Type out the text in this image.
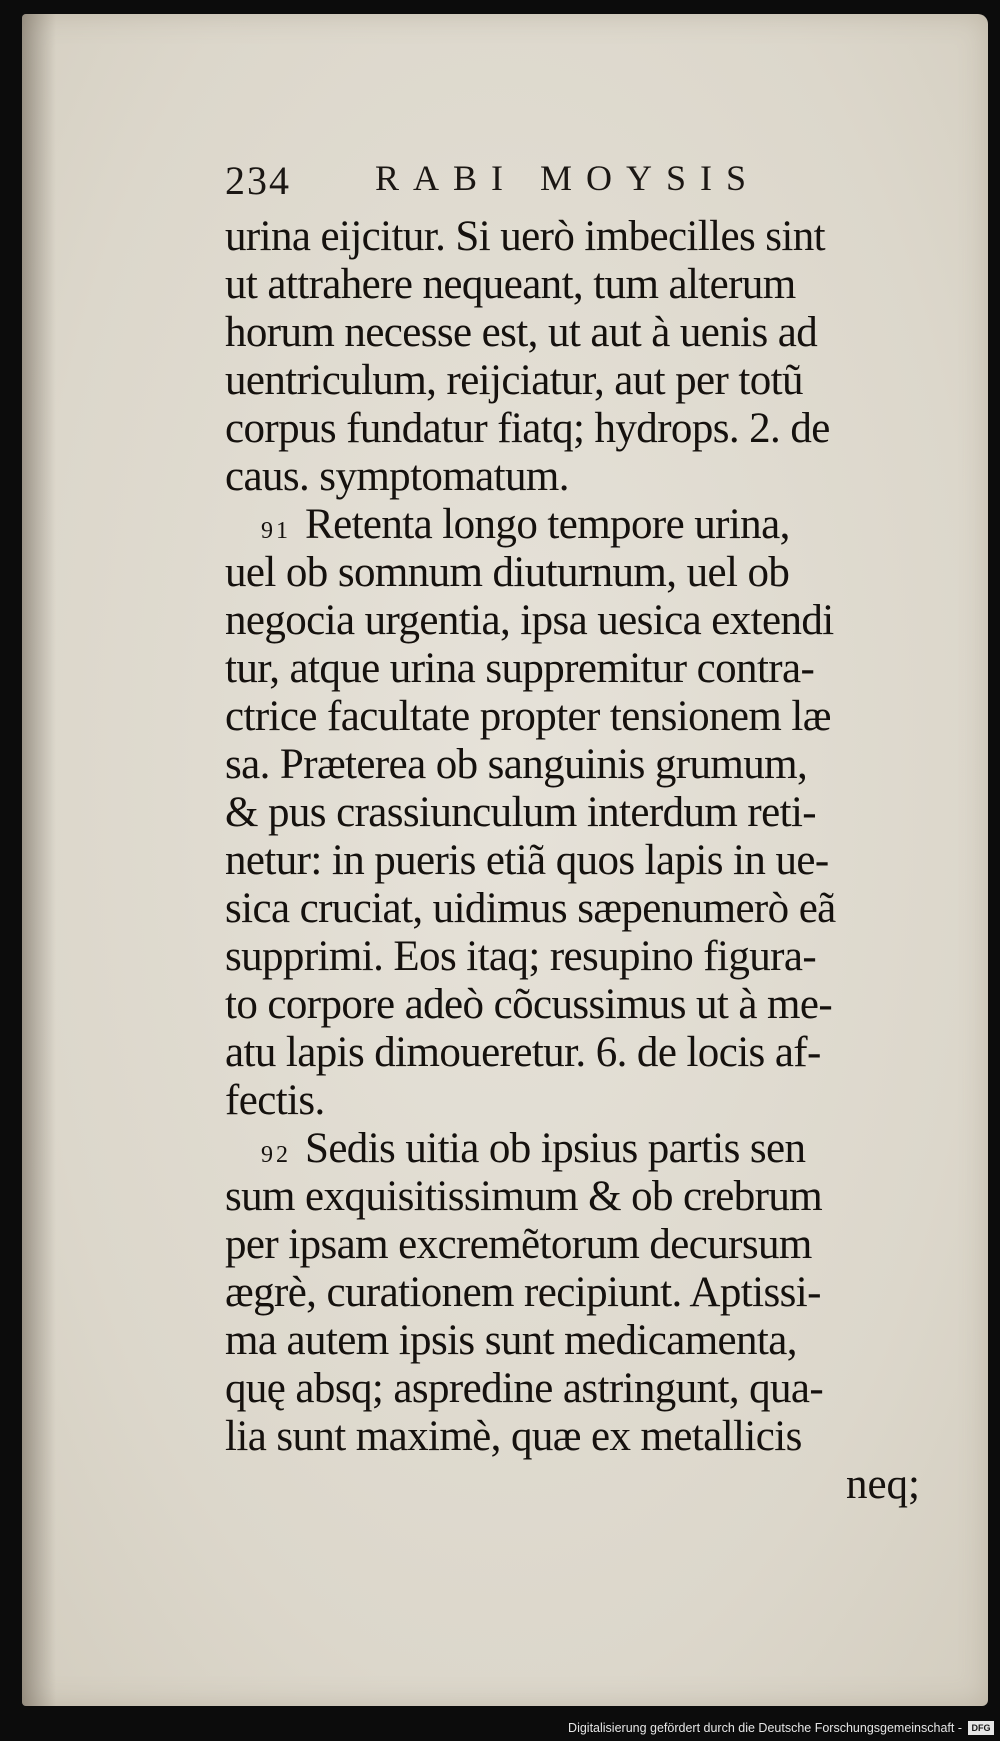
234 RABI MOYSIS
urina eijcitur. Si uerò imbecilles sint
ut attrahere nequeant, tum alterum
horum necesse est, ut aut à uenis ad
uentriculum, reijciatur, aut per totũ
corpus fundatur fiatq; hydrops. 2. de
caus. symptomatum.
91 Retenta longo tempore urina,
uel ob somnum diuturnum, uel ob
negocia urgentia, ipsa uesica extendi
tur, atque urina suppremitur contra-
ctrice facultate propter tensionem læ
sa. Præterea ob sanguinis grumum,
& pus crassiunculum interdum reti-
netur: in pueris etiã quos lapis in ue-
sica cruciat, uidimus sæpenumerò eã
supprimi. Eos itaq; resupino figura-
to corpore adeò cõcussimus ut à me-
atu lapis dimoueretur. 6. de locis af-
fectis.
92 Sedis uitia ob ipsius partis sen
sum exquisitissimum & ob crebrum
per ipsam excremẽtorum decursum
ægrè, curationem recipiunt. Aptissi-
ma autem ipsis sunt medicamenta,
quę absq; aspredine astringunt, qua-
lia sunt maximè, quæ ex metallicis
neq;
Digitalisierung gefördert durch die Deutsche Forschungsgemeinschaft -	DFG
